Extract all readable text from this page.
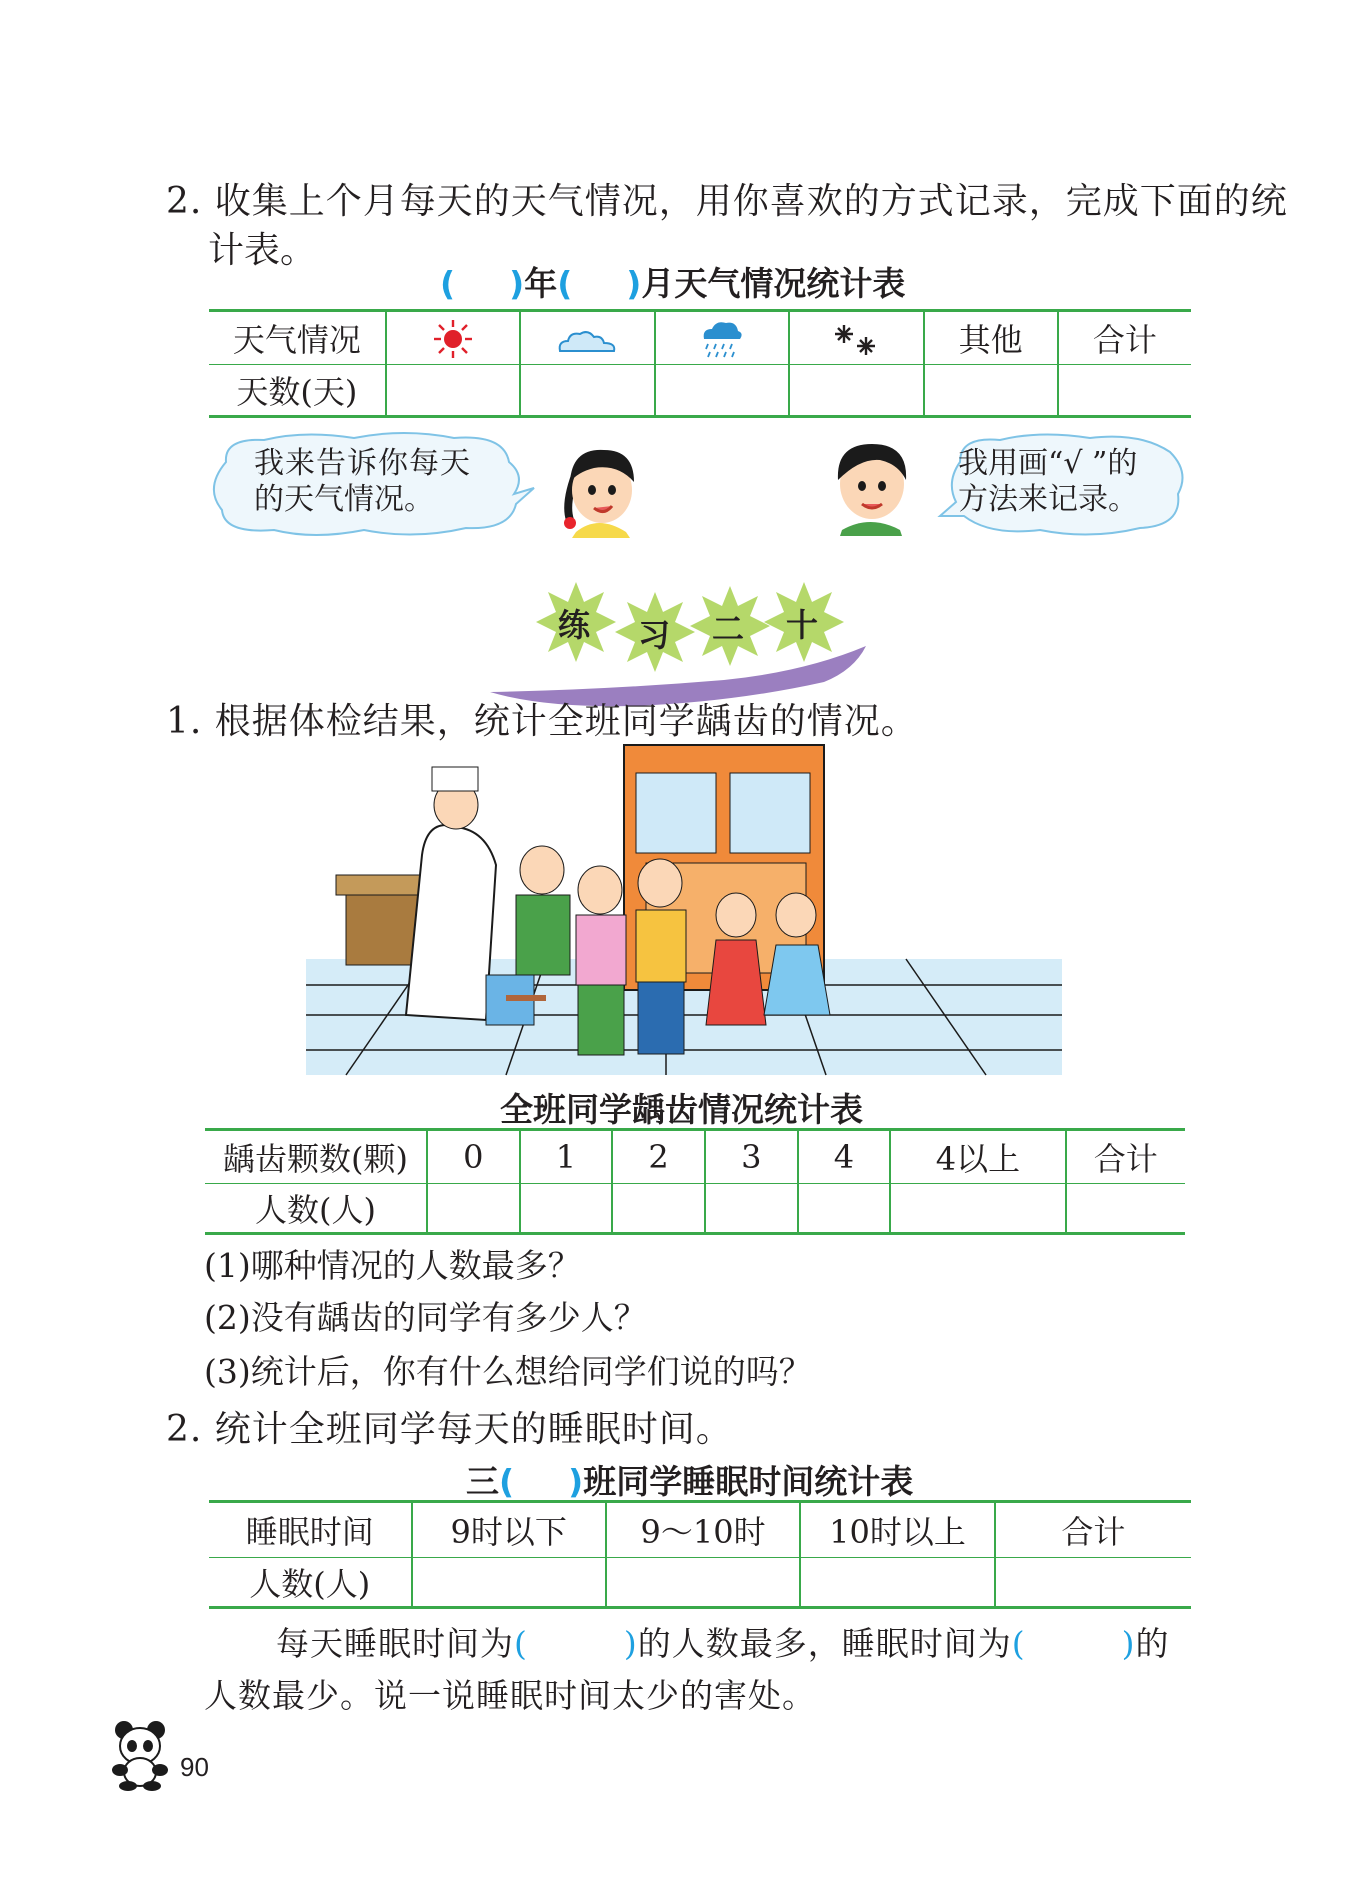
2. 收集上个月每天的天气情况，用你喜欢的方式记录，完成下面的统
计表。
( )年( )月天气情况统计表
天气情况					其他	合计
天数(天)						
我来告诉你每天
的天气情况。
我用画“√ ”的
方法来记录。
练 习 二 十
1. 根据体检结果，统计全班同学龋齿的情况。
全班同学龋齿情况统计表
龋齿颗数(颗)	0	1	2	3	4	4以上	合计
人数(人)							
(1)哪种情况的人数最多？
(2)没有龋齿的同学有多少人？
(3)统计后，你有什么想给同学们说的吗？
2. 统计全班同学每天的睡眠时间。
三( )班同学睡眠时间统计表
睡眠时间	9时以下	9～10时	10时以上	合计
人数(人)				
每天睡眠时间为(	)的人数最多，睡眠时间为(	)的
人数最少。说一说睡眠时间太少的害处。
90
